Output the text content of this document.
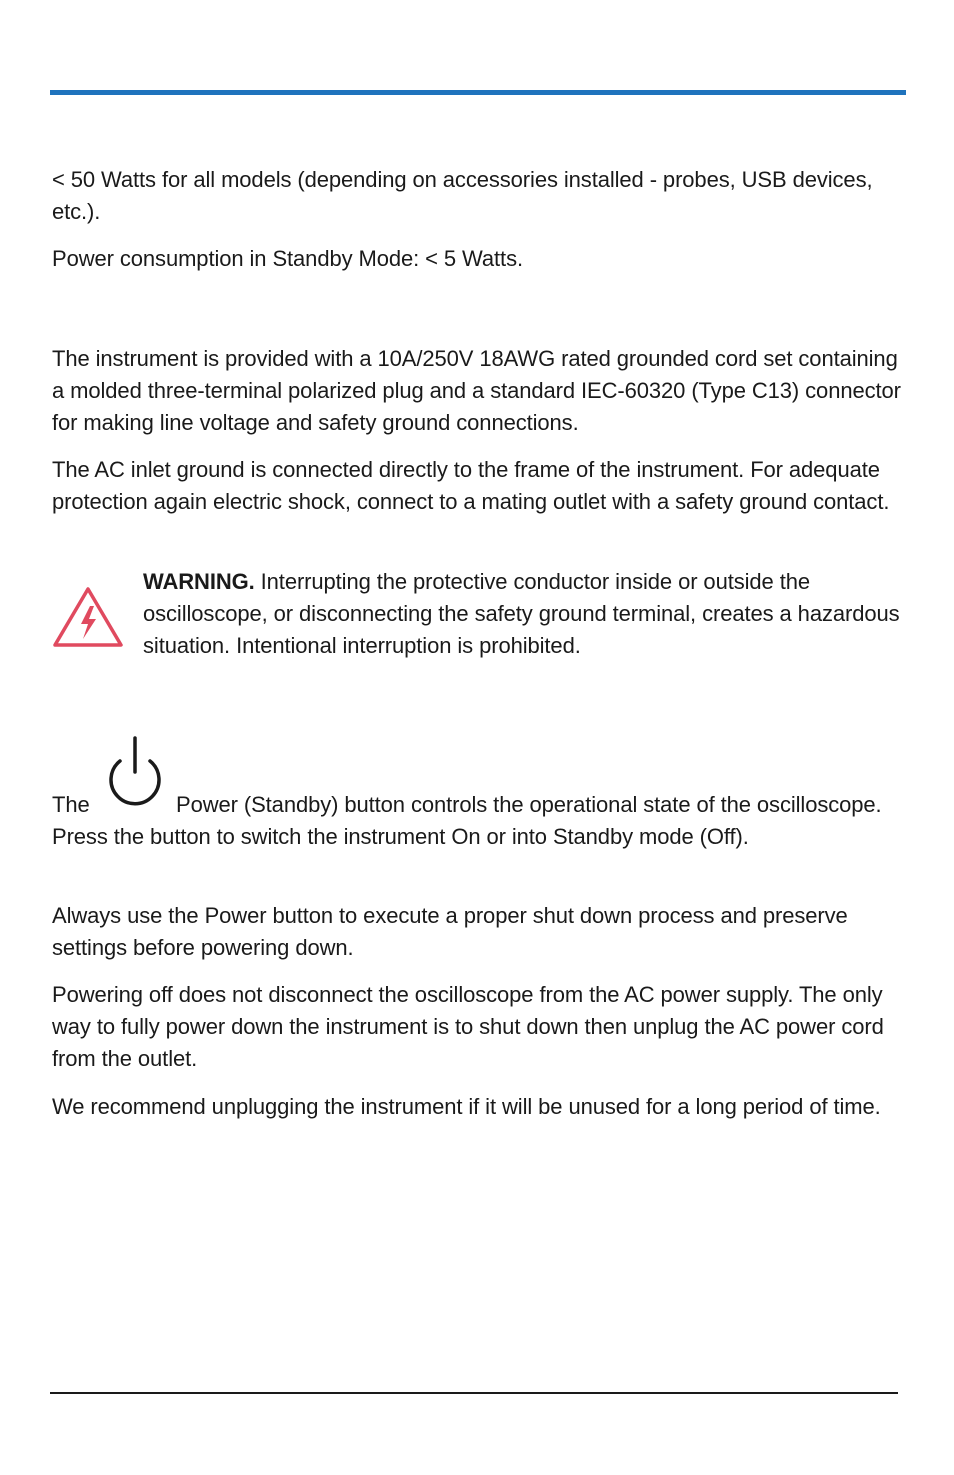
< 50 Watts for all models (depending on accessories installed - probes, USB devices, etc.).

Power consumption in Standby Mode: < 5 Watts.

The instrument is provided with a 10A/250V 18AWG rated grounded cord set containing a molded three-terminal polarized plug and a standard IEC-60320 (Type C13) connector for making line voltage and safety ground connections.

The AC inlet ground is connected directly to the frame of the instrument. For adequate protection again electric shock, connect to a mating outlet with a safety ground contact.

WARNING. Interrupting the protective conductor inside or outside the oscilloscope, or disconnecting the safety ground terminal, creates a hazardous situation. Intentional interruption is prohibited.

The	Power (Standby) button controls the operational state of the oscilloscope. Press the button to switch the instrument On or into Standby mode (Off).

Always use the Power button to execute a proper shut down process and preserve settings before powering down.

Powering off does not disconnect the oscilloscope from the AC power supply. The only way to fully power down the instrument is to shut down then unplug the AC power cord from the outlet.

We recommend unplugging the instrument if it will be unused for a long period of time.
